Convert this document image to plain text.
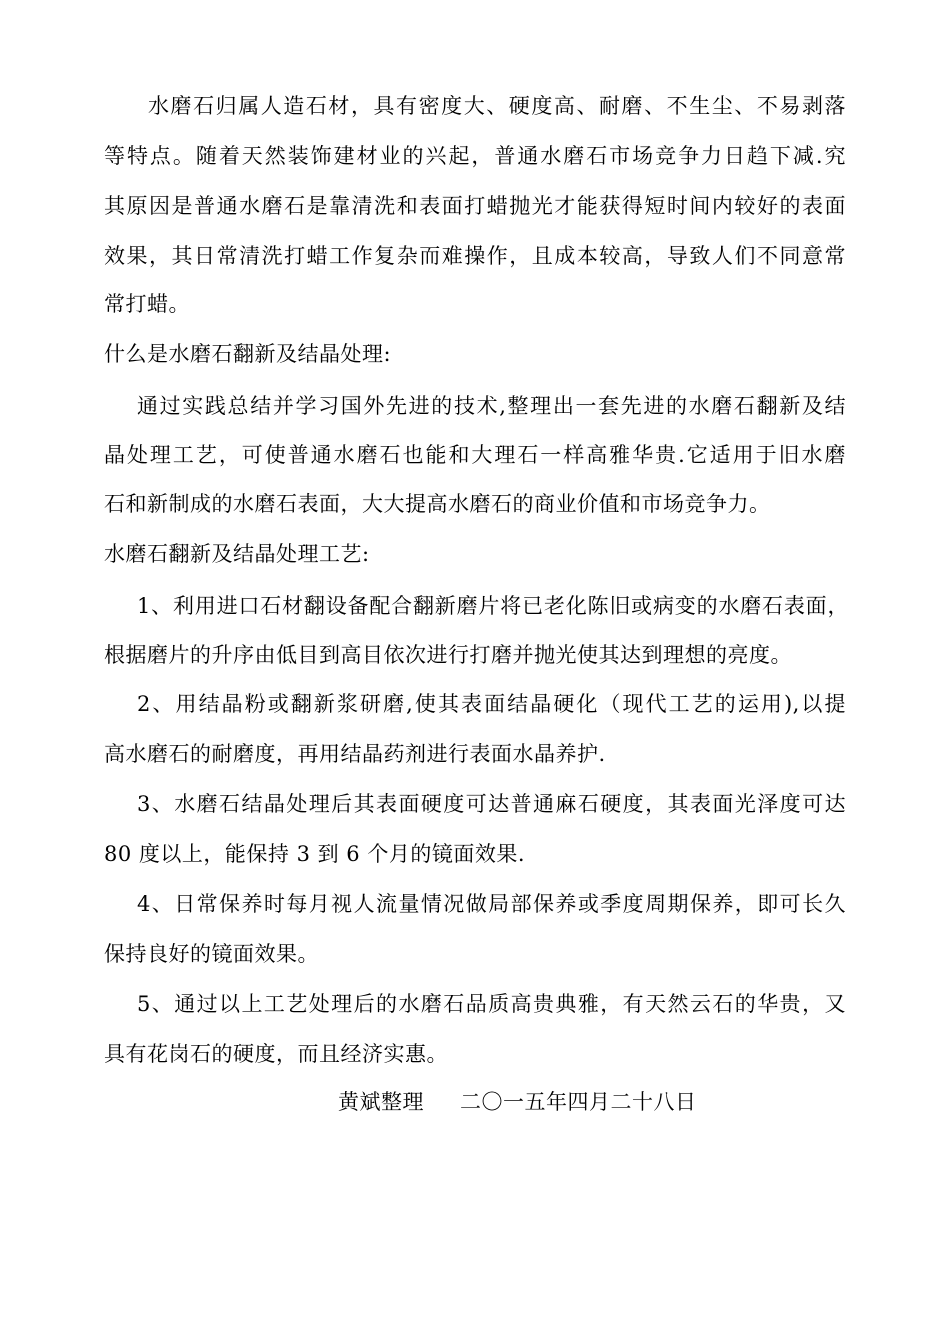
水磨石归属人造石材，具有密度大、硬度高、耐磨、不生尘、不易剥落
等特点。随着天然装饰建材业的兴起，普通水磨石市场竞争力日趋下减.究
其原因是普通水磨石是靠清洗和表面打蜡抛光才能获得短时间内较好的表面
效果，其日常清洗打蜡工作复杂而难操作，且成本较高，导致人们不同意常
常打蜡。
什么是水磨石翻新及结晶处理:
通过实践总结并学习国外先进的技术,整理出一套先进的水磨石翻新及结
晶处理工艺，可使普通水磨石也能和大理石一样高雅华贵.它适用于旧水磨
石和新制成的水磨石表面，大大提高水磨石的商业价值和市场竞争力。
水磨石翻新及结晶处理工艺:
1、利用进口石材翻设备配合翻新磨片将已老化陈旧或病变的水磨石表面，
根据磨片的升序由低目到高目依次进行打磨并抛光使其达到理想的亮度。
2、用结晶粉或翻新浆研磨,使其表面结晶硬化（现代工艺的运用),以提
高水磨石的耐磨度，再用结晶药剂进行表面水晶养护.
3、水磨石结晶处理后其表面硬度可达普通麻石硬度，其表面光泽度可达
80 度以上，能保持 3 到 6 个月的镜面效果.
4、日常保养时每月视人流量情况做局部保养或季度周期保养，即可长久
保持良好的镜面效果。
5、通过以上工艺处理后的水磨石品质高贵典雅，有天然云石的华贵，又
具有花岗石的硬度，而且经济实惠。
黄斌整理 二〇一五年四月二十八日
